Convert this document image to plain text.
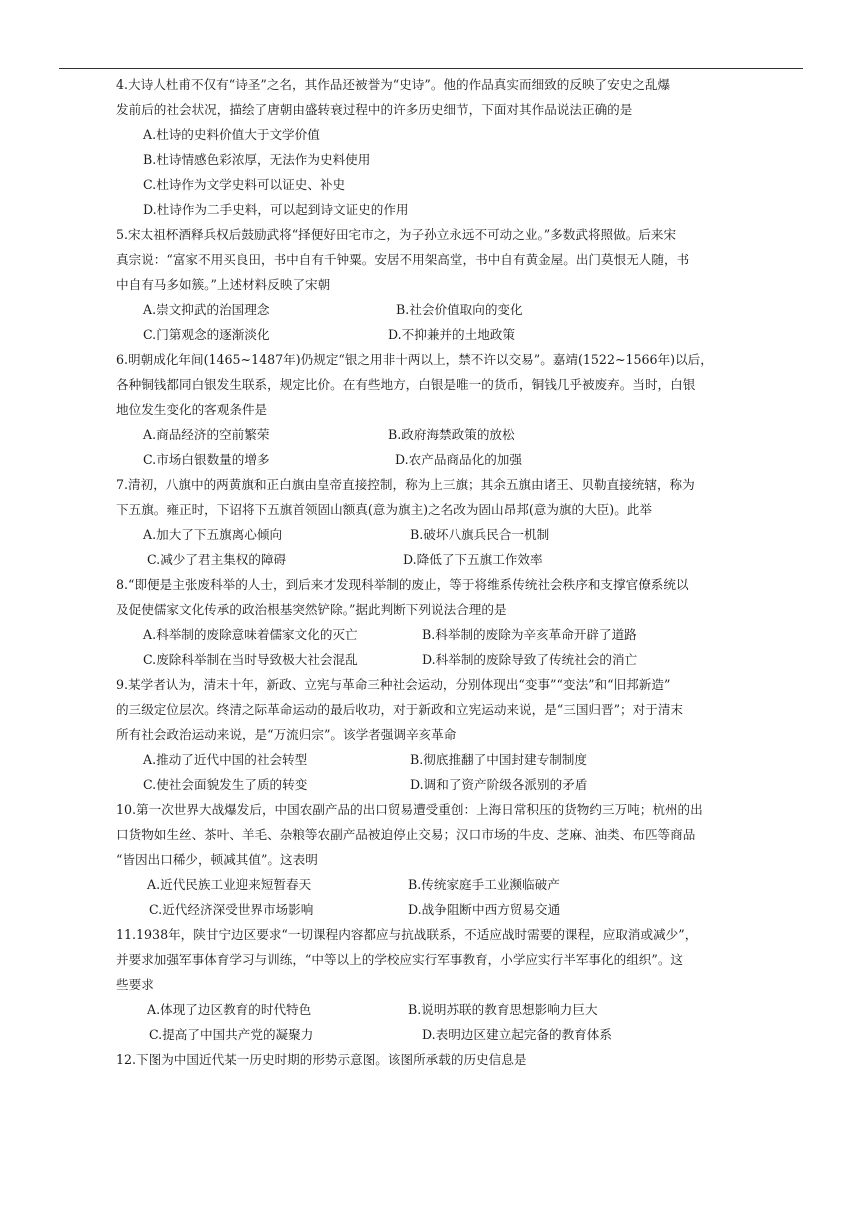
4.大诗人杜甫不仅有“诗圣”之名，其作品还被誉为“史诗”。他的作品真实而细致的反映了安史之乱爆
发前后的社会状况，描绘了唐朝由盛转衰过程中的许多历史细节，下面对其作品说法正确的是
A.杜诗的史料价值大于文学价值
B.杜诗情感色彩浓厚，无法作为史料使用
C.杜诗作为文学史料可以证史、补史
D.杜诗作为二手史料，可以起到诗文证史的作用
5.宋太祖杯酒释兵权后鼓励武将“择便好田宅市之，为子孙立永远不可动之业。”多数武将照做。后来宋
真宗说：“富家不用买良田，书中自有千钟粟。安居不用架高堂，书中自有黄金屋。出门莫恨无人随，书
中自有马多如簇。”上述材料反映了宋朝
A.崇文抑武的治国理念	B.社会价值取向的变化
C.门第观念的逐渐淡化	D.不抑兼并的土地政策
6.明朝成化年间(1465~1487年)仍规定“银之用非十两以上，禁不许以交易”。嘉靖(1522~1566年)以后，
各种铜钱都同白银发生联系，规定比价。在有些地方，白银是唯一的货币，铜钱几乎被废弃。当时，白银
地位发生变化的客观条件是
A.商品经济的空前繁荣	B.政府海禁政策的放松
C.市场白银数量的增多	D.农产品商品化的加强
7.清初，八旗中的两黄旗和正白旗由皇帝直接控制，称为上三旗；其余五旗由诸王、贝勒直接统辖，称为
下五旗。雍正时，下诏将下五旗首领固山额真(意为旗主)之名改为固山昂邦(意为旗的大臣)。此举
A.加大了下五旗离心倾向	B.破坏八旗兵民合一机制
C.减少了君主集权的障碍	D.降低了下五旗工作效率
8.“即便是主张废科举的人士，到后来才发现科举制的废止，等于将维系传统社会秩序和支撑官僚系统以
及促使儒家文化传承的政治根基突然铲除。”据此判断下列说法合理的是
A.科举制的废除意味着儒家文化的灭亡	B.科举制的废除为辛亥革命开辟了道路
C.废除科举制在当时导致极大社会混乱	D.科举制的废除导致了传统社会的消亡
9.某学者认为，清末十年，新政、立宪与革命三种社会运动，分别体现出“变事”“变法”和“旧邦新造”
的三级定位层次。终清之际革命运动的最后收功，对于新政和立宪运动来说，是“三国归晋”；对于清末
所有社会政治运动来说，是“万流归宗”。该学者强调辛亥革命
A.推动了近代中国的社会转型	B.彻底推翻了中国封建专制制度
C.使社会面貌发生了质的转变	D.调和了资产阶级各派别的矛盾
10.第一次世界大战爆发后，中国农副产品的出口贸易遭受重创：上海日常积压的货物约三万吨；杭州的出
口货物如生丝、茶叶、羊毛、杂粮等农副产品被迫停止交易；汉口市场的牛皮、芝麻、油类、布匹等商品
“皆因出口稀少，顿减其值”。这表明
A.近代民族工业迎来短暂春天	B.传统家庭手工业濒临破产
C.近代经济深受世界市场影响	D.战争阻断中西方贸易交通
11.1938年，陕甘宁边区要求“一切课程内容都应与抗战联系，不适应战时需要的课程，应取消或减少”，
并要求加强军事体育学习与训练，“中等以上的学校应实行军事教育，小学应实行半军事化的组织”。这
些要求
A.体现了边区教育的时代特色	B.说明苏联的教育思想影响力巨大
C.提高了中国共产党的凝聚力	D.表明边区建立起完备的教育体系
12.下图为中国近代某一历史时期的形势示意图。该图所承载的历史信息是
